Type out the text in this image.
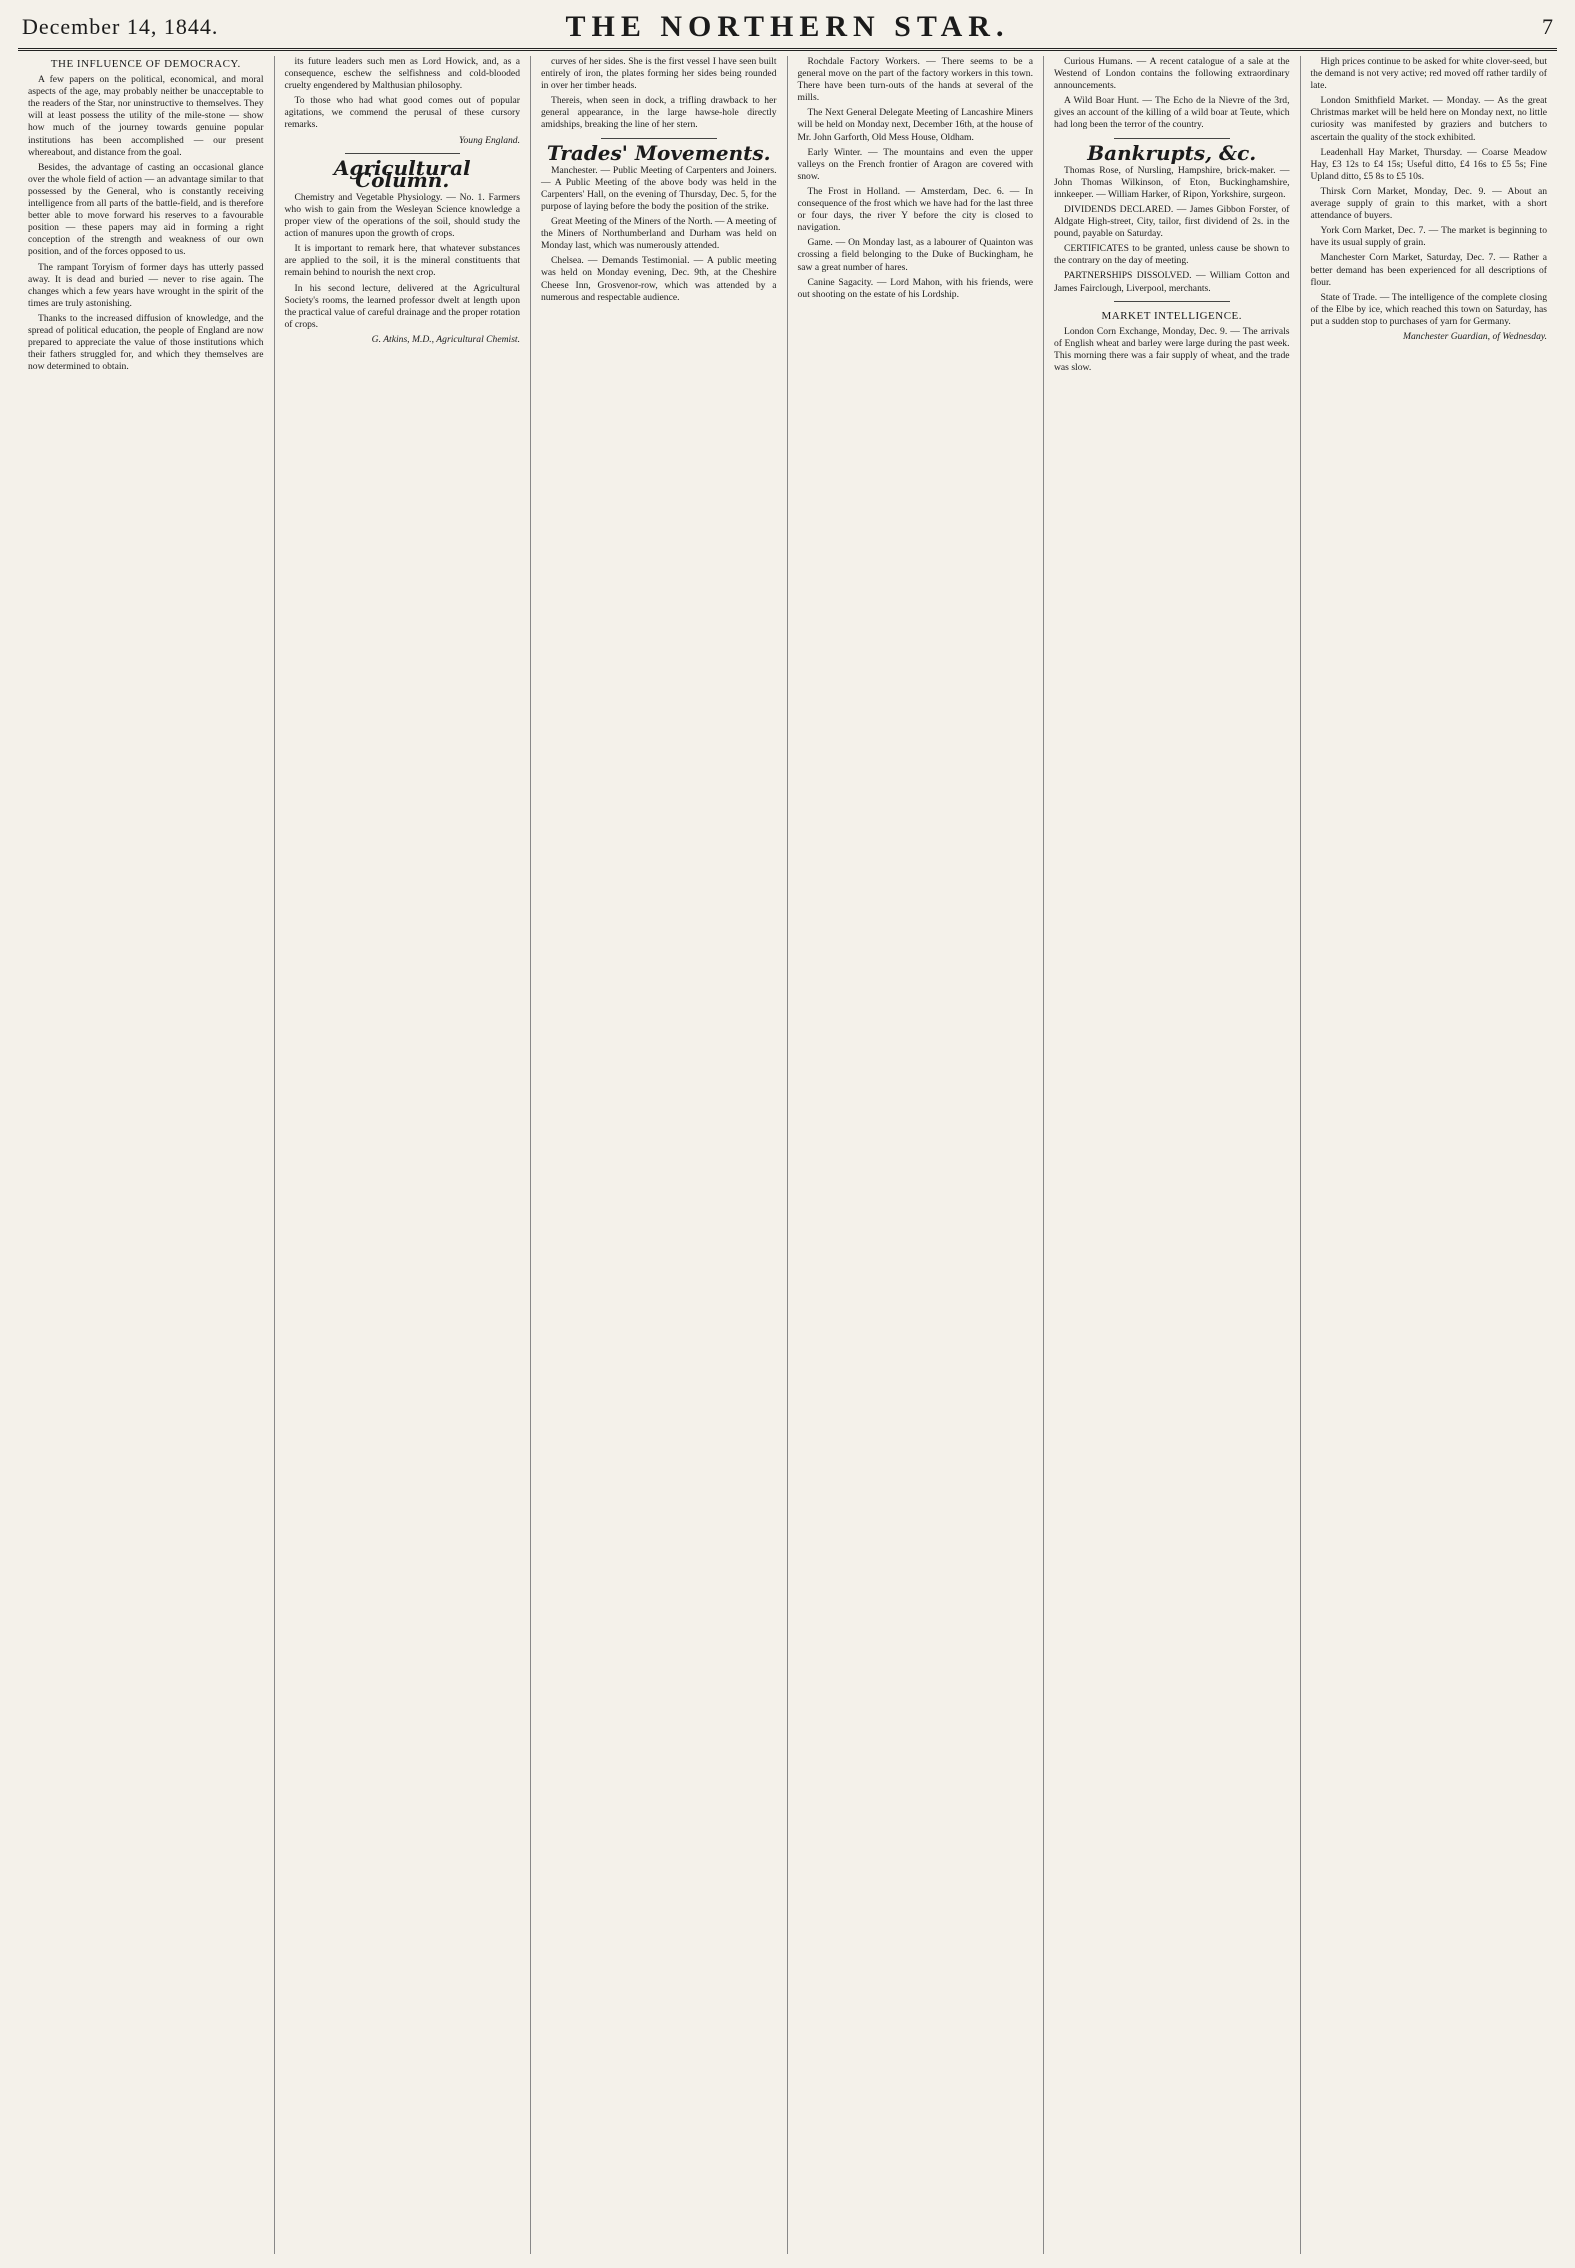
December 14, 1844.	THE NORTHERN STAR.	7
THE INFLUENCE OF DEMOCRACY.

A few papers on the political, economical, and moral aspects of the age, may probably neither be unacceptable to the readers of the Star, nor uninstructive to themselves. They will at least possess the utility of the mile-stone — show how much of the journey towards genuine popular institutions has been accomplished — our present whereabout, and distance from the goal.

Besides, the advantage of casting an occasional glance over the whole field of action — an advantage similar to that possessed by the General, who is constantly receiving intelligence from all parts of the battle-field, and is therefore better able to move forward his reserves to a favourable position — these papers may aid in forming a right conception of the strength and weakness of our own position, and of the forces opposed to us.

The rampant Toryism of former days has utterly passed away. It is dead and buried — never to rise again. The changes which a few years have wrought in the spirit of the times are truly astonishing.

Thanks to the increased diffusion of knowledge, and the spread of political education, the people of England are now prepared to appreciate the value of those institutions which their fathers struggled for, and which they themselves are now determined to obtain.

its future leaders such men as Lord Howick, and, as a consequence, eschew the selfishness and cold-blooded cruelty engendered by Malthusian philosophy.

To those who had what good comes out of popular agitations, we commend the perusal of these cursory remarks.

Young England.
Agricultural Column.

Chemistry and Vegetable Physiology. — No. 1. Farmers who wish to gain from the Wesleyan Science knowledge a proper view of the operations of the soil, should study the action of manures upon the growth of crops.

It is important to remark here, that whatever substances are applied to the soil, it is the mineral constituents that remain behind to nourish the next crop.

In his second lecture, delivered at the Agricultural Society's rooms, the learned professor dwelt at length upon the practical value of careful drainage and the proper rotation of crops.

G. Atkins, M.D., Agricultural Chemist.

curves of her sides. She is the first vessel I have seen built entirely of iron, the plates forming her sides being rounded in over her timber heads.

Thereis, when seen in dock, a trifling drawback to her general appearance, in the large hawse-hole directly amidships, breaking the line of her stern.

Trades' Movements.

Manchester. — Public Meeting of Carpenters and Joiners. — A Public Meeting of the above body was held in the Carpenters' Hall, on the evening of Thursday, Dec. 5, for the purpose of laying before the body the position of the strike.

Great Meeting of the Miners of the North. — A meeting of the Miners of Northumberland and Durham was held on Monday last, which was numerously attended.

Chelsea. — Demands Testimonial. — A public meeting was held on Monday evening, Dec. 9th, at the Cheshire Cheese Inn, Grosvenor-row, which was attended by a numerous and respectable audience.

Rochdale Factory Workers. — There seems to be a general move on the part of the factory workers in this town. There have been turn-outs of the hands at several of the mills.

The Next General Delegate Meeting of Lancashire Miners will be held on Monday next, December 16th, at the house of Mr. John Garforth, Old Mess House, Oldham.

Early Winter. — The mountains and even the upper valleys on the French frontier of Aragon are covered with snow.

The Frost in Holland. — Amsterdam, Dec. 6. — In consequence of the frost which we have had for the last three or four days, the river Y before the city is closed to navigation.

Game. — On Monday last, as a labourer of Quainton was crossing a field belonging to the Duke of Buckingham, he saw a great number of hares.

Canine Sagacity. — Lord Mahon, with his friends, were out shooting on the estate of his Lordship.

Curious Humans. — A recent catalogue of a sale at the Westend of London contains the following extraordinary announcements.

A Wild Boar Hunt. — The Echo de la Nievre of the 3rd, gives an account of the killing of a wild boar at Teute, which had long been the terror of the country.

Bankrupts, &c.

Thomas Rose, of Nursling, Hampshire, brick-maker. — John Thomas Wilkinson, of Eton, Buckinghamshire, innkeeper. — William Harker, of Ripon, Yorkshire, surgeon.

DIVIDENDS DECLARED. — James Gibbon Forster, of Aldgate High-street, City, tailor, first dividend of 2s. in the pound, payable on Saturday.

CERTIFICATES to be granted, unless cause be shown to the contrary on the day of meeting.

PARTNERSHIPS DISSOLVED. — William Cotton and James Fairclough, Liverpool, merchants.

MARKET INTELLIGENCE.

London Corn Exchange, Monday, Dec. 9. — The arrivals of English wheat and barley were large during the past week. This morning there was a fair supply of wheat, and the trade was slow.

High prices continue to be asked for white clover-seed, but the demand is not very active; red moved off rather tardily of late.

London Smithfield Market. — Monday. — As the great Christmas market will be held here on Monday next, no little curiosity was manifested by graziers and butchers to ascertain the quality of the stock exhibited.

Leadenhall Hay Market, Thursday. — Coarse Meadow Hay, £3 12s to £4 15s; Useful ditto, £4 16s to £5 5s; Fine Upland ditto, £5 8s to £5 10s.

Thirsk Corn Market, Monday, Dec. 9. — About an average supply of grain to this market, with a short attendance of buyers.

York Corn Market, Dec. 7. — The market is beginning to have its usual supply of grain.

Manchester Corn Market, Saturday, Dec. 7. — Rather a better demand has been experienced for all descriptions of flour.

State of Trade. — The intelligence of the complete closing of the Elbe by ice, which reached this town on Saturday, has put a sudden stop to purchases of yarn for Germany.

Manchester Guardian, of Wednesday.
